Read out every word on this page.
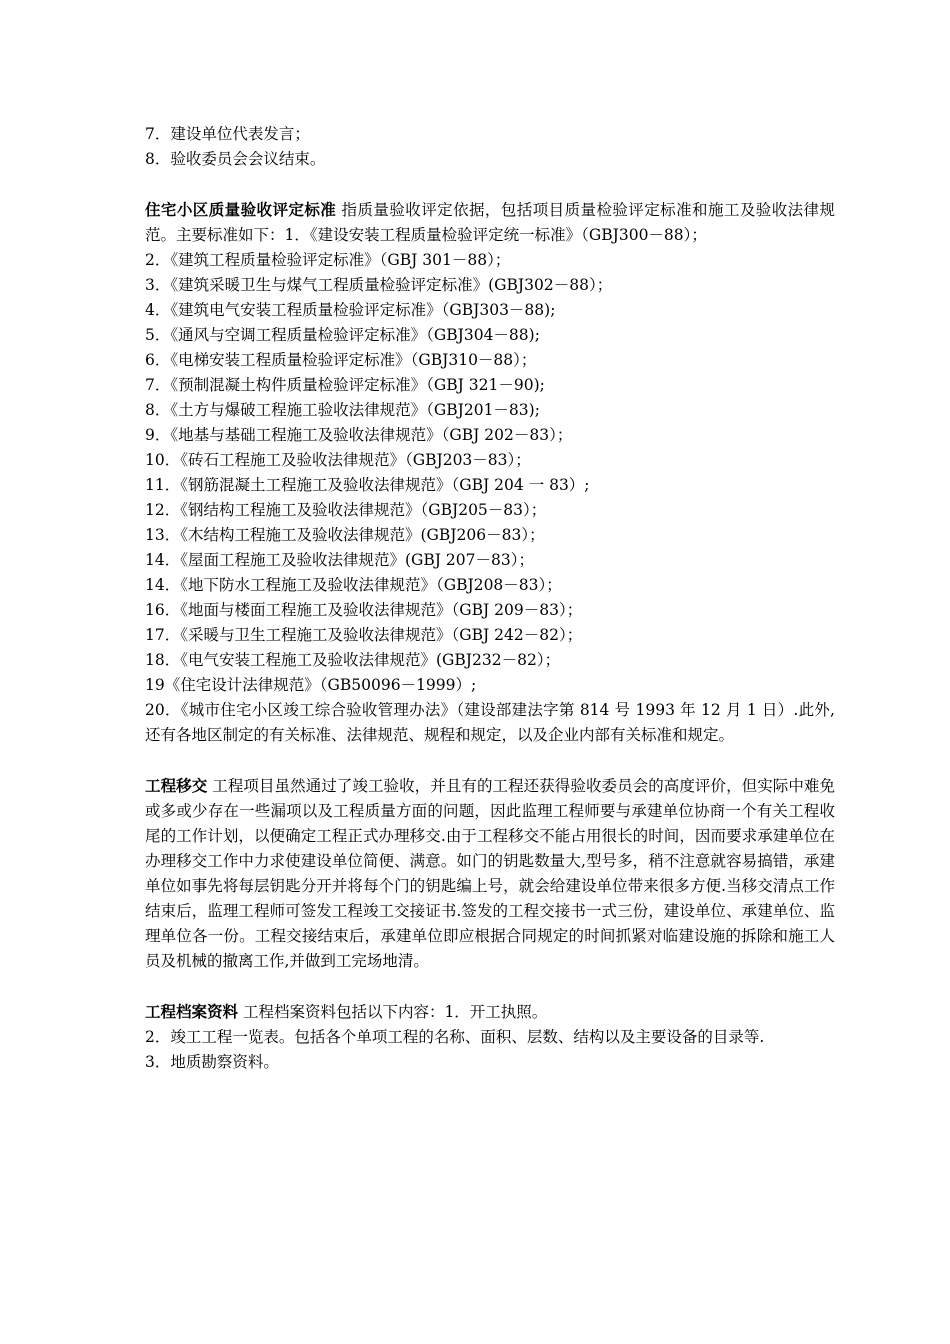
7．建设单位代表发言；
8．验收委员会会议结束。
住宅小区质量验收评定标准 指质量验收评定依据，包括项目质量检验评定标准和施工及验收法律规范。主要标准如下：1．《建设安装工程质量检验评定统一标准》（GBJ300－88）；
2．《建筑工程质量检验评定标准》（GBJ 301－88）；
3．《建筑采暖卫生与煤气工程质量检验评定标准》(GBJ302－88）；
4．《建筑电气安装工程质量检验评定标准》（GBJ303－88);
5．《通风与空调工程质量检验评定标准》（GBJ304－88);
6．《电梯安装工程质量检验评定标准》（GBJ310－88）；
7．《预制混凝土构件质量检验评定标准》（GBJ 321－90);
8．《土方与爆破工程施工验收法律规范》（GBJ201－83);
9．《地基与基础工程施工及验收法律规范》（GBJ 202－83）；
10．《砖石工程施工及验收法律规范》（GBJ203－83）；
11．《钢筋混凝土工程施工及验收法律规范》（GBJ 204 一 83）;
12．《钢结构工程施工及验收法律规范》（GBJ205－83）；
13．《木结构工程施工及验收法律规范》(GBJ206－83）；
14．《屋面工程施工及验收法律规范》(GBJ 207－83）；
14．《地下防水工程施工及验收法律规范》（GBJ208－83）；
16．《地面与楼面工程施工及验收法律规范》（GBJ 209－83）；
17．《采暖与卫生工程施工及验收法律规范》（GBJ 242－82）；
18．《电气安装工程施工及验收法律规范》(GBJ232－82）；
19《住宅设计法律规范》（GB50096－1999）;
20．《城市住宅小区竣工综合验收管理办法》（建设部建法字第 814 号 1993 年 12 月 1 日）.此外,还有各地区制定的有关标准、法律规范、规程和规定，以及企业内部有关标准和规定。
工程移交 工程项目虽然通过了竣工验收，并且有的工程还获得验收委员会的高度评价，但实际中难免或多或少存在一些漏项以及工程质量方面的问题，因此监理工程师要与承建单位协商一个有关工程收尾的工作计划，以便确定工程正式办理移交.由于工程移交不能占用很长的时间，因而要求承建单位在办理移交工作中力求使建设单位简便、满意。如门的钥匙数量大,型号多，稍不注意就容易搞错，承建单位如事先将每层钥匙分开并将每个门的钥匙编上号，就会给建设单位带来很多方便.当移交清点工作结束后，监理工程师可签发工程竣工交接证书.签发的工程交接书一式三份，建设单位、承建单位、监理单位各一份。工程交接结束后，承建单位即应根据合同规定的时间抓紧对临建设施的拆除和施工人员及机械的撤离工作,并做到工完场地清。
工程档案资料 工程档案资料包括以下内容：1．开工执照。
2．竣工工程一览表。包括各个单项工程的名称、面积、层数、结构以及主要设备的目录等.
3．地质勘察资料。
